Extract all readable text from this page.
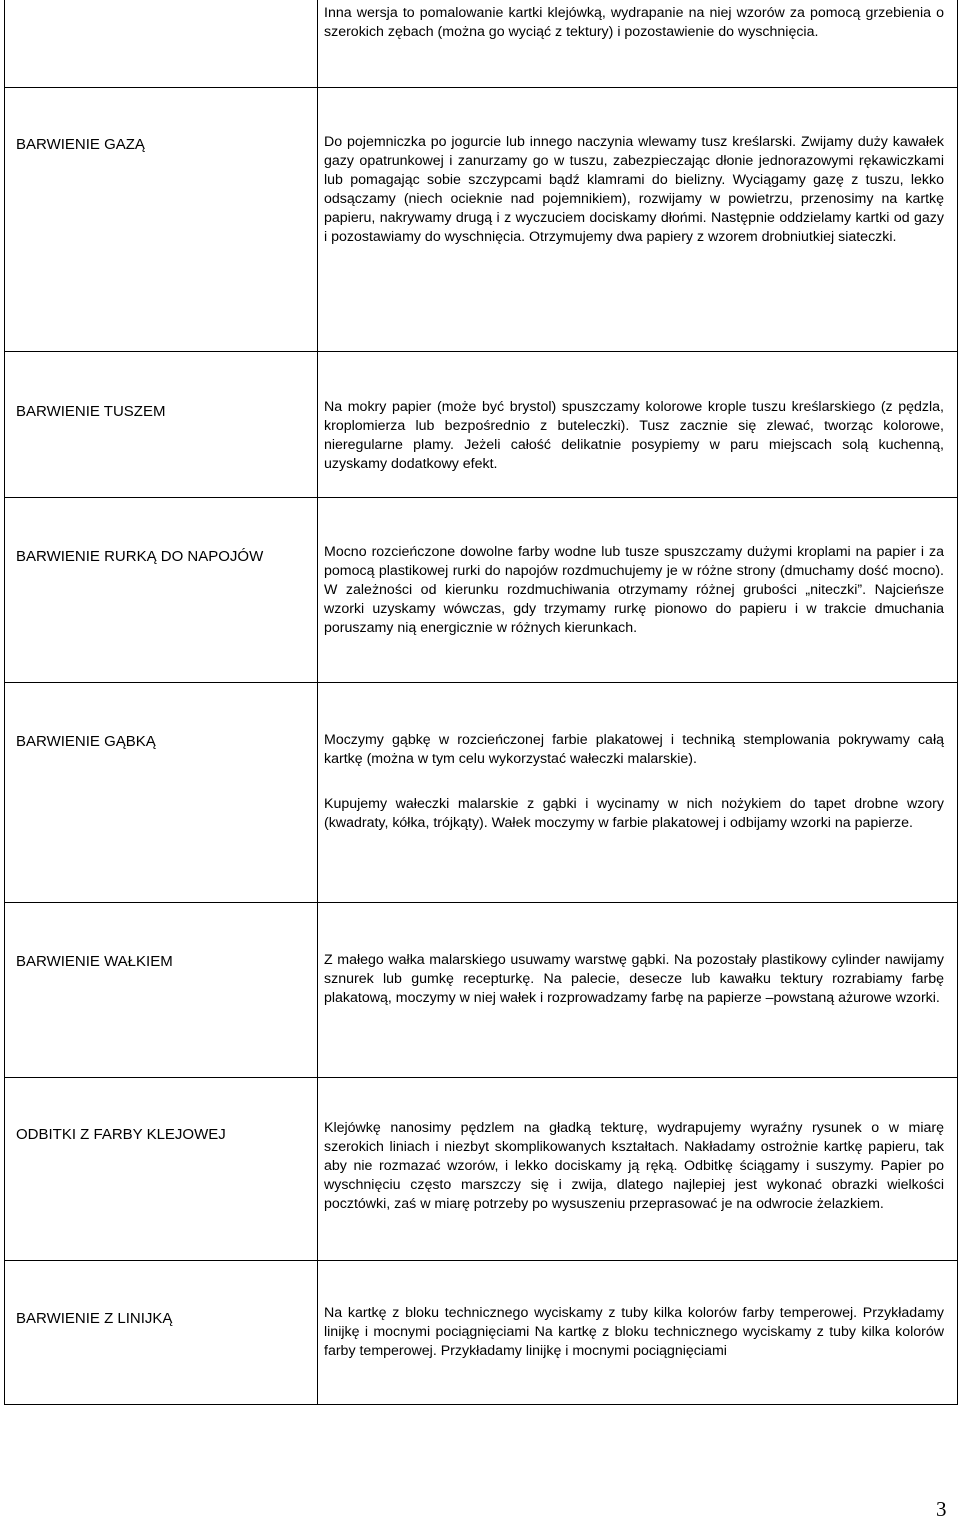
Inna wersja to pomalowanie kartki klejówką, wydrapanie na niej wzorów za pomocą grzebienia o szerokich zębach (można go wyciąć z tektury) i pozostawienie do wyschnięcia.

BARWIENIE GAZĄ	Do pojemniczka po jogurcie lub innego naczynia wlewamy tusz kreślarski. Zwijamy duży kawałek gazy opatrunkowej i zanurzamy go w tuszu, zabezpieczając dłonie jednorazowymi rękawiczkami lub pomagając sobie szczypcami bądź klamrami do bielizny. Wyciągamy gazę z tuszu, lekko odsączamy (niech ocieknie nad pojemnikiem), rozwijamy w powietrzu, przenosimy na kartkę papieru, nakrywamy drugą i z wyczuciem dociskamy dłońmi. Następnie oddzielamy kartki od gazy i pozostawiamy do wyschnięcia. Otrzymujemy dwa papiery z wzorem drobniutkiej siateczki.

BARWIENIE TUSZEM	Na mokry papier (może być brystol) spuszczamy kolorowe krople tuszu kreślarskiego (z pędzla, kroplomierza lub bezpośrednio z buteleczki). Tusz zacznie się zlewać, tworząc kolorowe, nieregularne plamy. Jeżeli całość delikatnie posypiemy w paru miejscach solą kuchenną, uzyskamy dodatkowy efekt.

BARWIENIE RURKĄ DO NAPOJÓW	Mocno rozcieńczone dowolne farby wodne lub tusze spuszczamy dużymi kroplami na papier i za pomocą plastikowej rurki do napojów rozdmuchujemy je w różne strony (dmuchamy dość mocno). W zależności od kierunku rozdmuchiwania otrzymamy różnej grubości „niteczki”. Najcieńsze wzorki uzyskamy wówczas, gdy trzymamy rurkę pionowo do papieru i w trakcie dmuchania poruszamy nią energicznie w różnych kierunkach.

BARWIENIE GĄBKĄ	Moczymy gąbkę w rozcieńczonej farbie plakatowej i techniką stemplowania pokrywamy całą kartkę (można w tym celu wykorzystać wałeczki malarskie).

Kupujemy wałeczki malarskie z gąbki i wycinamy w nich nożykiem do tapet drobne wzory (kwadraty, kółka, trójkąty). Wałek moczymy w farbie plakatowej i odbijamy wzorki na papierze.

BARWIENIE WAŁKIEM	Z małego wałka malarskiego usuwamy warstwę gąbki. Na pozostały plastikowy cylinder nawijamy sznurek lub gumkę recepturkę. Na palecie, desecze lub kawałku tektury rozrabiamy farbę plakatową, moczymy w niej wałek i rozprowadzamy farbę na papierze –powstaną ażurowe wzorki.

ODBITKI Z FARBY KLEJOWEJ	Klejówkę nanosimy pędzlem na gładką tekturę, wydrapujemy wyraźny rysunek o w miarę szerokich liniach i niezbyt skomplikowanych kształtach. Nakładamy ostrożnie kartkę papieru, tak aby nie rozmazać wzorów, i lekko dociskamy ją ręką. Odbitkę ściągamy i suszymy. Papier po wyschnięciu często marszczy się i zwija, dlatego najlepiej jest wykonać obrazki wielkości pocztówki, zaś w miarę potrzeby po wysuszeniu przeprasować je na odwrocie żelazkiem.

BARWIENIE Z LINIJKĄ	Na kartkę z bloku technicznego wyciskamy z tuby kilka kolorów farby temperowej. Przykładamy linijkę i mocnymi pociągnięciami Na kartkę z bloku technicznego wyciskamy z tuby kilka kolorów farby temperowej. Przykładamy linijkę i mocnymi pociągnięciami

3
